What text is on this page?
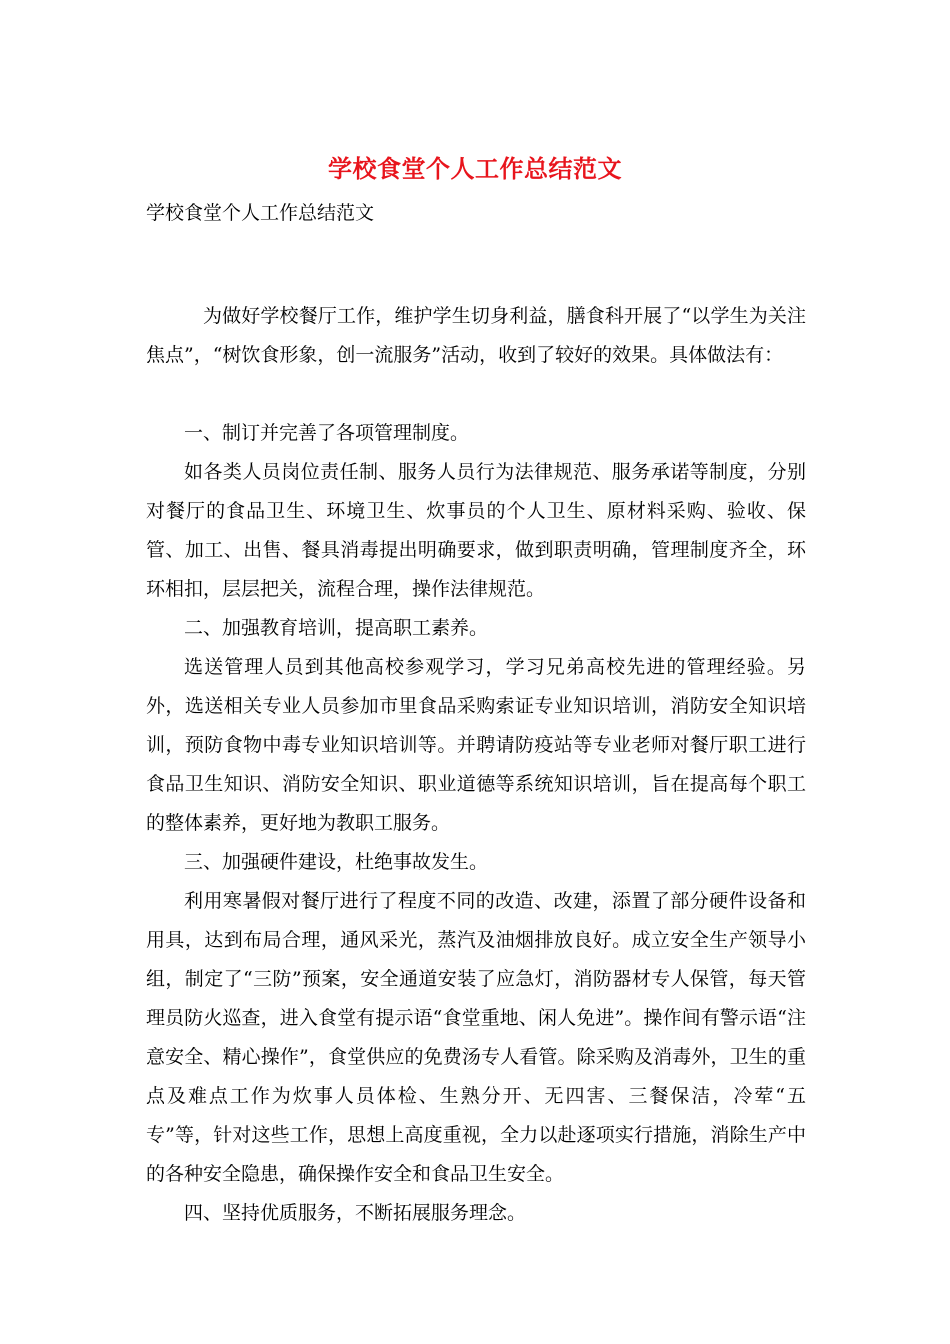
学校食堂个人工作总结范文
学校食堂个人工作总结范文

为做好学校餐厅工作，维护学生切身利益，膳食科开展了“以学生为关注焦点”，“树饮食形象，创一流服务”活动，收到了较好的效果。具体做法有：

一、制订并完善了各项管理制度。

如各类人员岗位责任制、服务人员行为法律规范、服务承诺等制度，分别对餐厅的食品卫生、环境卫生、炊事员的个人卫生、原材料采购、验收、保管、加工、出售、餐具消毒提出明确要求，做到职责明确，管理制度齐全，环环相扣，层层把关，流程合理，操作法律规范。

二、加强教育培训，提高职工素养。

选送管理人员到其他高校参观学习，学习兄弟高校先进的管理经验。另外，选送相关专业人员参加市里食品采购索证专业知识培训，消防安全知识培训，预防食物中毒专业知识培训等。并聘请防疫站等专业老师对餐厅职工进行食品卫生知识、消防安全知识、职业道德等系统知识培训，旨在提高每个职工的整体素养，更好地为教职工服务。

三、加强硬件建设，杜绝事故发生。

利用寒暑假对餐厅进行了程度不同的改造、改建，添置了部分硬件设备和用具，达到布局合理，通风采光，蒸汽及油烟排放良好。成立安全生产领导小组，制定了“三防”预案，安全通道安装了应急灯，消防器材专人保管，每天管理员防火巡查，进入食堂有提示语“食堂重地、闲人免进”。操作间有警示语“注意安全、精心操作”，食堂供应的免费汤专人看管。除采购及消毒外，卫生的重点及难点工作为炊事人员体检、生熟分开、无四害、三餐保洁，冷荤“五专”等，针对这些工作，思想上高度重视，全力以赴逐项实行措施，消除生产中的各种安全隐患，确保操作安全和食品卫生安全。

四、坚持优质服务，不断拓展服务理念。
